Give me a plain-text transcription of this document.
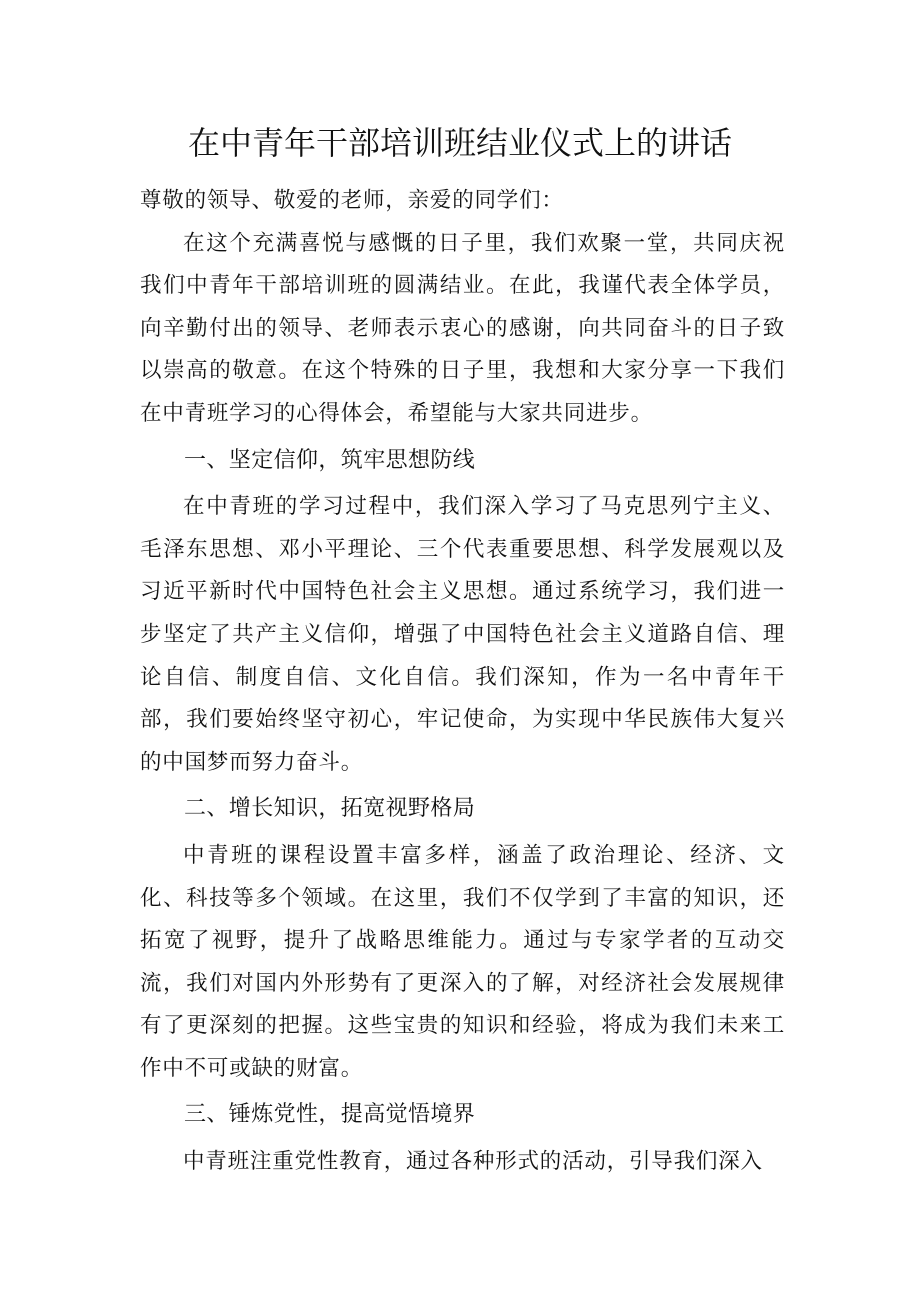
在中青年干部培训班结业仪式上的讲话

尊敬的领导、敬爱的老师，亲爱的同学们：

在这个充满喜悦与感慨的日子里，我们欢聚一堂，共同庆祝我们中青年干部培训班的圆满结业。在此，我谨代表全体学员，向辛勤付出的领导、老师表示衷心的感谢，向共同奋斗的日子致以崇高的敬意。在这个特殊的日子里，我想和大家分享一下我们在中青班学习的心得体会，希望能与大家共同进步。

一、坚定信仰，筑牢思想防线

在中青班的学习过程中，我们深入学习了马克思列宁主义、毛泽东思想、邓小平理论、三个代表重要思想、科学发展观以及习近平新时代中国特色社会主义思想。通过系统学习，我们进一步坚定了共产主义信仰，增强了中国特色社会主义道路自信、理论自信、制度自信、文化自信。我们深知，作为一名中青年干部，我们要始终坚守初心，牢记使命，为实现中华民族伟大复兴的中国梦而努力奋斗。

二、增长知识，拓宽视野格局

中青班的课程设置丰富多样，涵盖了政治理论、经济、文化、科技等多个领域。在这里，我们不仅学到了丰富的知识，还拓宽了视野，提升了战略思维能力。通过与专家学者的互动交流，我们对国内外形势有了更深入的了解，对经济社会发展规律有了更深刻的把握。这些宝贵的知识和经验，将成为我们未来工作中不可或缺的财富。

三、锤炼党性，提高觉悟境界

中青班注重党性教育，通过各种形式的活动，引导我们深入
